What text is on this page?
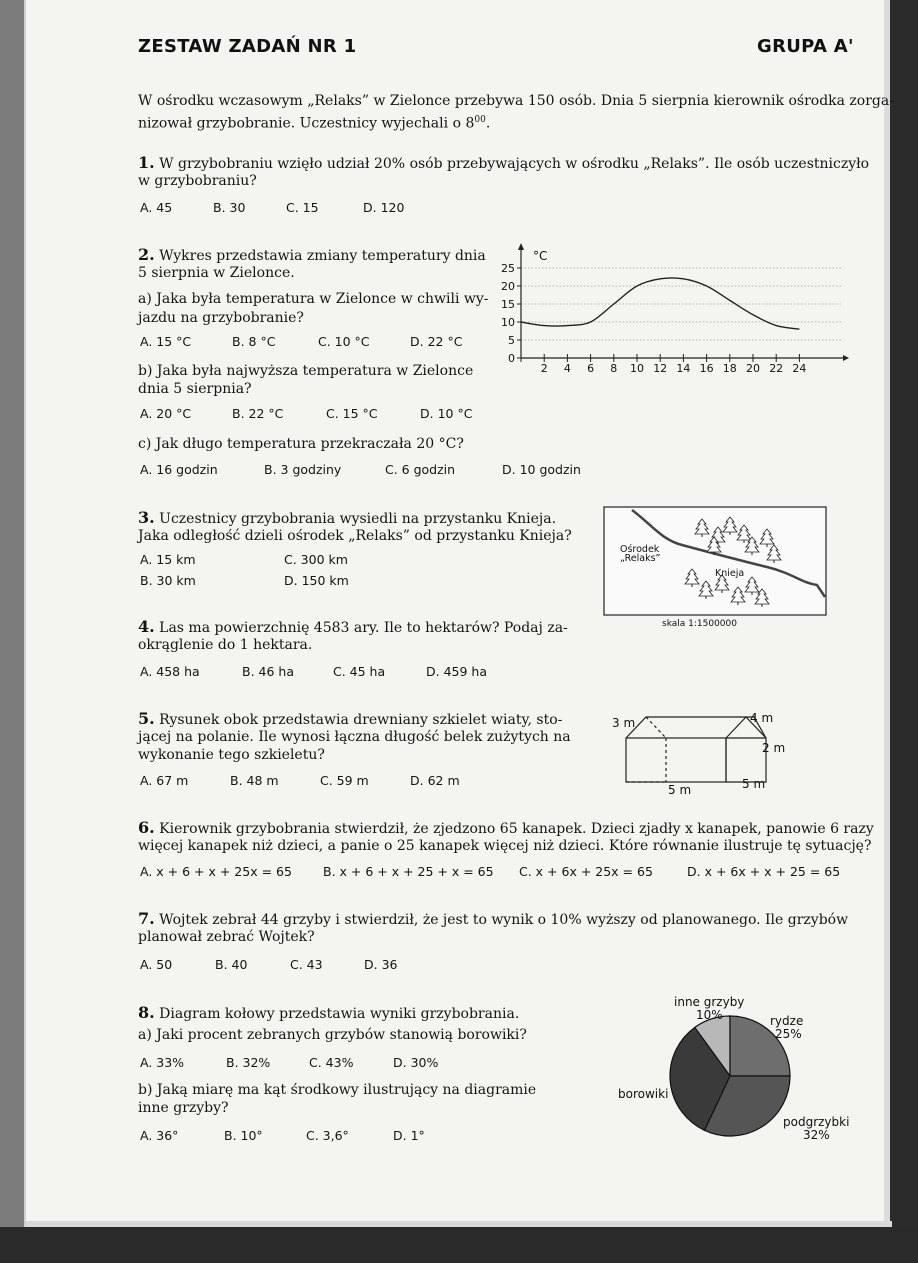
ZESTAW ZADAŃ NR 1	GRUPA A'
W ośrodku wczasowym „Relaks” w Zielonce przebywa 150 osób. Dnia 5 sierpnia kierownik ośrodka zorga-
nizował grzybobranie. Uczestnicy wyjechali o $8^{00}$.
1. W grzybobraniu wzięło udział 20% osób przebywających w ośrodku „Relaks”. Ile osób uczestniczyło
w grzybobraniu?
A. 45	B. 30	C. 15	D. 120
2. Wykres przedstawia zmiany temperatury dnia
5 sierpnia w Zielonce.
a) Jaka była temperatura w Zielonce w chwili wy-
jazdu na grzybobranie?
A. 15 °C	B. 8 °C	C. 10 °C	D. 22 °C
b) Jaka była najwyższa temperatura w Zielonce
dnia 5 sierpnia?
A. 20 °C	B. 22 °C	C. 15 °C	D. 10 °C
c) Jak długo temperatura przekraczała 20 °C?
A. 16 godzin	B. 3 godziny	C. 6 godzin	D. 10 godzin
0
5
10
15
20
25
2 4 6 8 10 12 14 16 18 20 22 24
°C
3. Uczestnicy grzybobrania wysiedli na przystanku Knieja.
Jaka odległość dzieli ośrodek „Relaks” od przystanku Knieja?
A. 15 km	C. 300 km
B. 30 km	D. 150 km
Ośrodek
„Relaks”
Knieja
skala 1:1500000
4. Las ma powierzchnię 4583 ary. Ile to hektarów? Podaj za-
okrąglenie do 1 hektara.
A. 458 ha	B. 46 ha	C. 45 ha	D. 459 ha
5. Rysunek obok przedstawia drewniany szkielet wiaty, sto-
jącej na polanie. Ile wynosi łączna długość belek zużytych na
wykonanie tego szkieletu?
A. 67 m	B. 48 m	C. 59 m	D. 62 m
3 m	4 m
2 m
5 m	5 m
6. Kierownik grzybobrania stwierdził, że zjedzono 65 kanapek. Dzieci zjadły x kanapek, panowie 6 razy
więcej kanapek niż dzieci, a panie o 25 kanapek więcej niż dzieci. Które równanie ilustruje tę sytuację?
A. x + 6 + x + 25x = 65 B. x + 6 + x + 25 + x = 65 C. x + 6x + 25x = 65	D. x + 6x + x + 25 = 65
7. Wojtek zebrał 44 grzyby i stwierdził, że jest to wynik o 10% wyższy od planowanego. Ile grzybów
planował zebrać Wojtek?
A. 50	B. 40	C. 43	D. 36
8. Diagram kołowy przedstawia wyniki grzybobrania.
a) Jaki procent zebranych grzybów stanowią borowiki?
A. 33%	B. 32%	C. 43%	D. 30%
b) Jaką miarę ma kąt środkowy ilustrujący na diagramie
inne grzyby?
A. 36°	B. 10°	C. 3,6°	D. 1°
inne grzyby
10%	rydze
25%
podgrzybki
32%
borowiki
